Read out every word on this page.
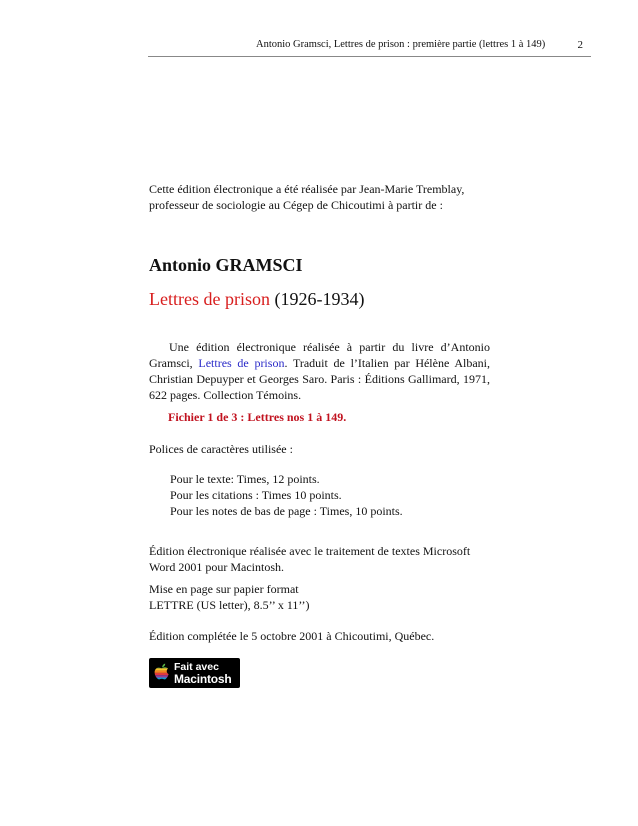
Antonio Gramsci, Lettres de prison : première partie (lettres 1 à 149)	2
Cette édition électronique a été réalisée par Jean-Marie Tremblay, professeur de sociologie au Cégep de Chicoutimi à partir de :
Antonio GRAMSCI
Lettres de prison (1926-1934)
Une édition électronique réalisée à partir du livre d’Antonio Gramsci, Lettres de prison. Traduit de l’Italien par Hélène Albani, Christian Depuyper et Georges Saro. Paris : Éditions Gallimard, 1971, 622 pages. Collection Témoins.
Fichier 1 de 3 : Lettres nos 1 à 149.
Polices de caractères utilisée :
Pour le texte: Times, 12 points.
Pour les citations : Times 10 points.
Pour les notes de bas de page : Times, 10 points.
Édition électronique réalisée avec le traitement de textes Microsoft Word 2001 pour Macintosh.
Mise en page sur papier format
LETTRE (US letter), 8.5’’ x 11’’)
Édition complétée le 5 octobre 2001 à Chicoutimi, Québec.
Fait avec
Macintosh
